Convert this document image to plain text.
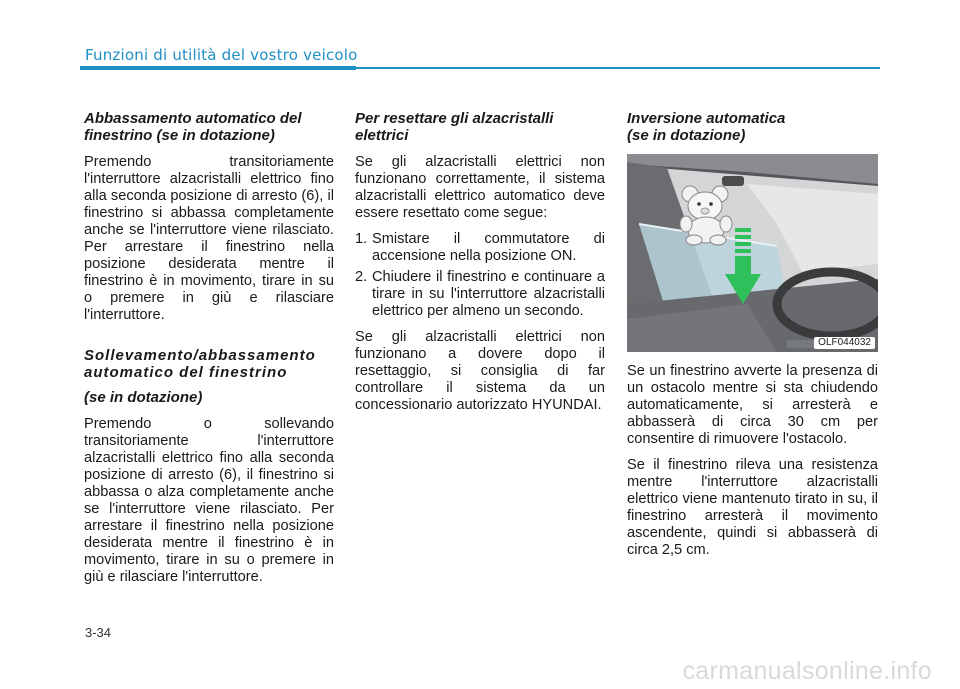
Funzioni di utilità del vostro veicolo
Abbassamento automatico del finestrino (se in dotazione)

Premendo transitoriamente l'interruttore alzacristalli elettrico fino alla seconda posizione di arresto (6), il finestrino si abbassa completamente anche se l'interruttore viene rilasciato. Per arrestare il finestrino nella posizione desiderata mentre il finestrino è in movimento, tirare in su o premere in giù e rilasciare l'interruttore.

Sollevamento/abbassamento automatico del finestrino
(se in dotazione)

Premendo o sollevando transitoriamente l'interruttore alzacristalli elettrico fino alla seconda posizione di arresto (6), il finestrino si abbassa o alza completamente anche se l'interruttore viene rilasciato. Per arrestare il finestrino nella posizione desiderata mentre il finestrino è in movimento, tirare in su o premere in giù e rilasciare l'interruttore.

Per resettare gli alzacristalli elettrici

Se gli alzacristalli elettrici non funzionano correttamente, il sistema alzacristalli elettrico automatico deve essere resettato come segue:

1. Smistare il commutatore di accensione nella posizione ON.
2. Chiudere il finestrino e continuare a tirare in su l'interruttore alzacristalli elettrico per almeno un secondo.

Se gli alzacristalli elettrici non funzionano a dovere dopo il resettaggio, si consiglia di far controllare il sistema da un concessionario autorizzato HYUNDAI.

Inversione automatica
(se in dotazione)
OLF044032

Se un finestrino avverte la presenza di un ostacolo mentre si sta chiudendo automaticamente, si arresterà e abbasserà di circa 30 cm per consentire di rimuovere l'ostacolo.

Se il finestrino rileva una resistenza mentre l'interruttore alzacristalli elettrico viene mantenuto tirato in su, il finestrino arresterà il movimento ascendente, quindi si abbasserà di circa 2,5 cm.

3-34
carmanualsonline.info
